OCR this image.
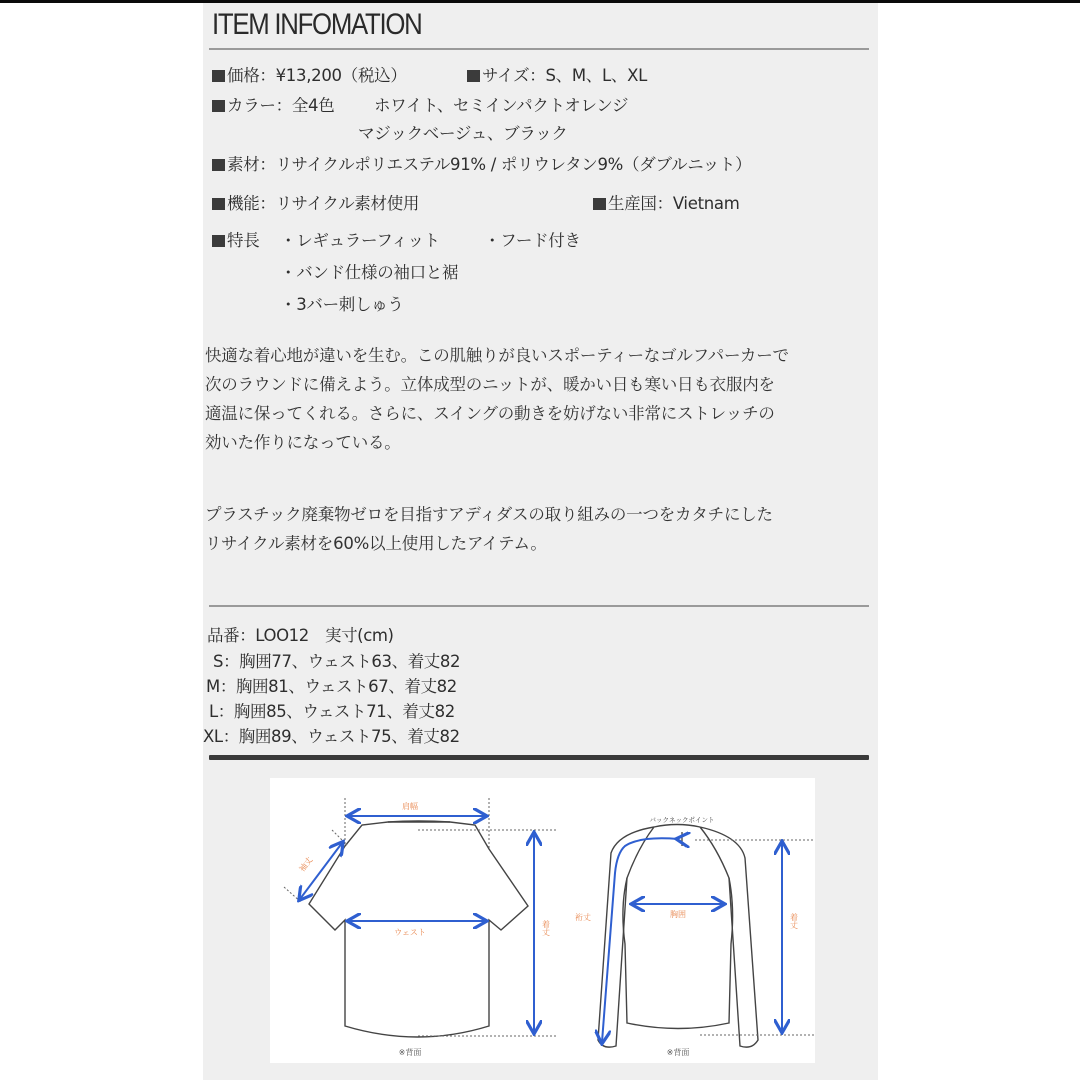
ITEM INFOMATION
価格：¥13,200（税込）	サイズ：S、M、L、XL
カラー：全4色 ホワイト、セミインパクトオレンジ
マジックベージュ、ブラック
素材：リサイクルポリエステル91% / ポリウレタン9%（ダブルニット）
機能：リサイクル素材使用	生産国：Vietnam
特長 ・レギュラーフィット	・フード付き
・バンド仕様の袖口と裾
・3バー刺しゅう
快適な着心地が違いを生む。この肌触りが良いスポーティーなゴルフパーカーで
次のラウンドに備えよう。立体成型のニットが、暖かい日も寒い日も衣服内を
適温に保ってくれる。さらに、スイングの動きを妨げない非常にストレッチの
効いた作りになっている。
プラスチック廃棄物ゼロを目指すアディダスの取り組みの一つをカタチにした
リサイクル素材を60%以上使用したアイテム。
品番：LOO12　実寸(cm)
S：胸囲77、ウェスト63、着丈82
M：胸囲81、ウェスト67、着丈82
L：胸囲85、ウェスト71、着丈82
XL：胸囲89、ウェスト75、着丈82
肩幅
袖丈
ウェスト	着丈
※背面
バックネックポイント
裄丈	胸囲	着丈
※背面
